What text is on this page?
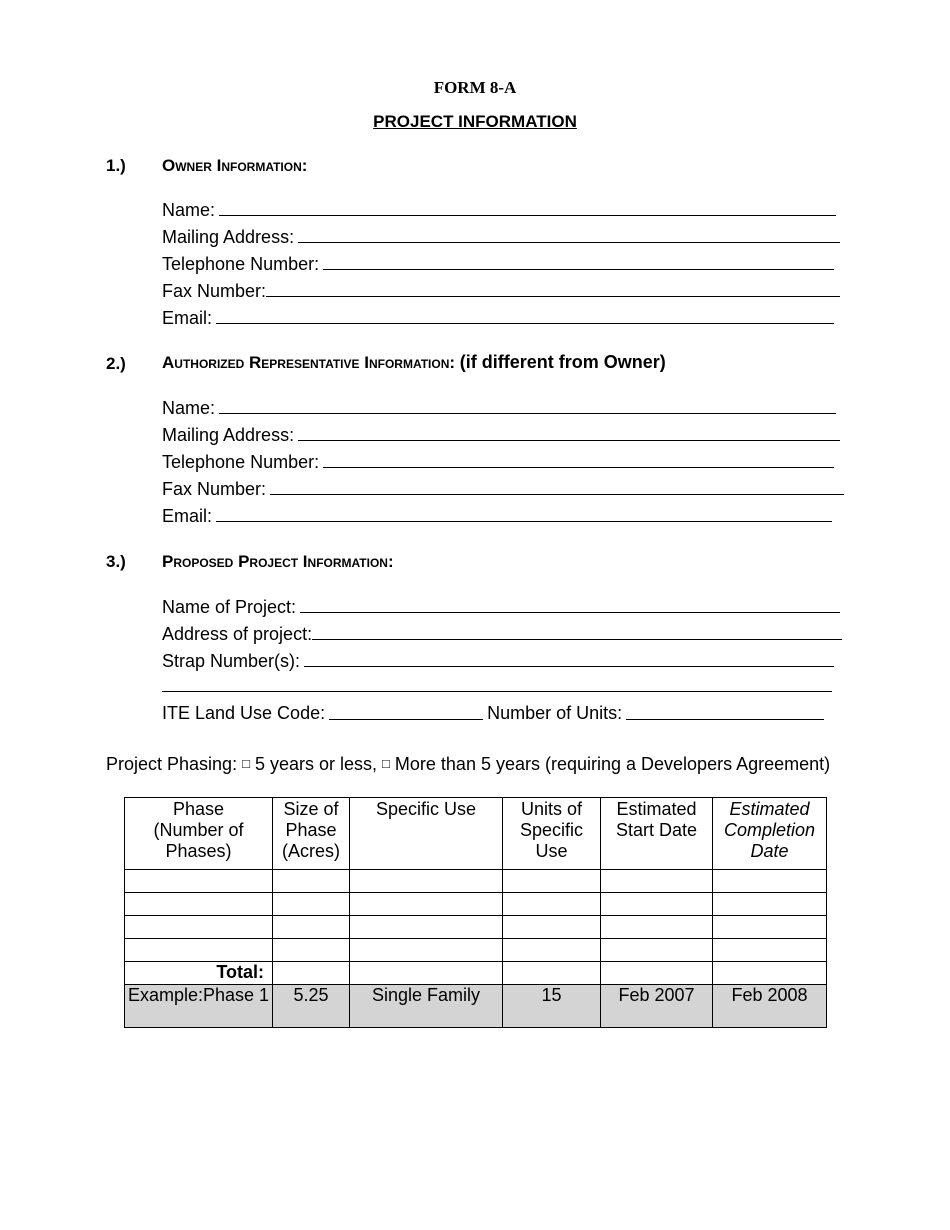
FORM 8-A
PROJECT INFORMATION
1.) Owner Information:
Name:
Mailing Address:
Telephone Number:
Fax Number:
Email:
2.) Authorized Representative Information: (if different from Owner)
Name:
Mailing Address:
Telephone Number:
Fax Number:
Email:
3.) Proposed Project Information:
Name of Project:
Address of project:
Strap Number(s):
ITE Land Use Code:	Number of Units:
Project Phasing: □ 5 years or less, □ More than 5 years (requiring a Developers Agreement)
Phase
(Number of
Phases)	Size of
Phase
(Acres)	Specific Use	Units of
Specific
Use	Estimated
Start Date	Estimated
Completion
Date

Total:					
Example:Phase 1	5.25	Single Family	15	Feb 2007	Feb 2008
